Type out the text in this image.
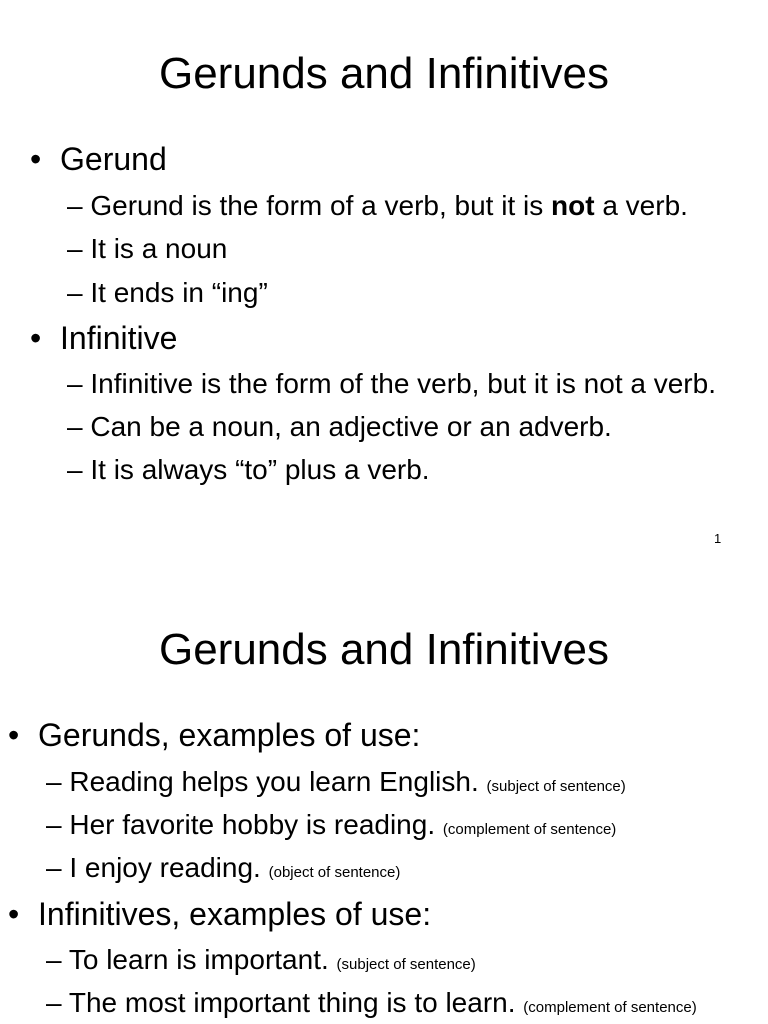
Gerunds and Infinitives
• Gerund
– Gerund is the form of a verb, but it is not a verb.
– It is a noun
– It ends in “ing”
• Infinitive
– Infinitive is the form of the verb, but it is not a verb.
– Can be a noun, an adjective or an adverb.
– It is always “to” plus a verb.
1
Gerunds and Infinitives
• Gerunds, examples of use:
– Reading helps you learn English. (subject of sentence)
– Her favorite hobby is reading. (complement of sentence)
– I enjoy reading. (object of sentence)
• Infinitives, examples of use:
– To learn is important. (subject of sentence)
– The most important thing is to learn. (complement of sentence)
